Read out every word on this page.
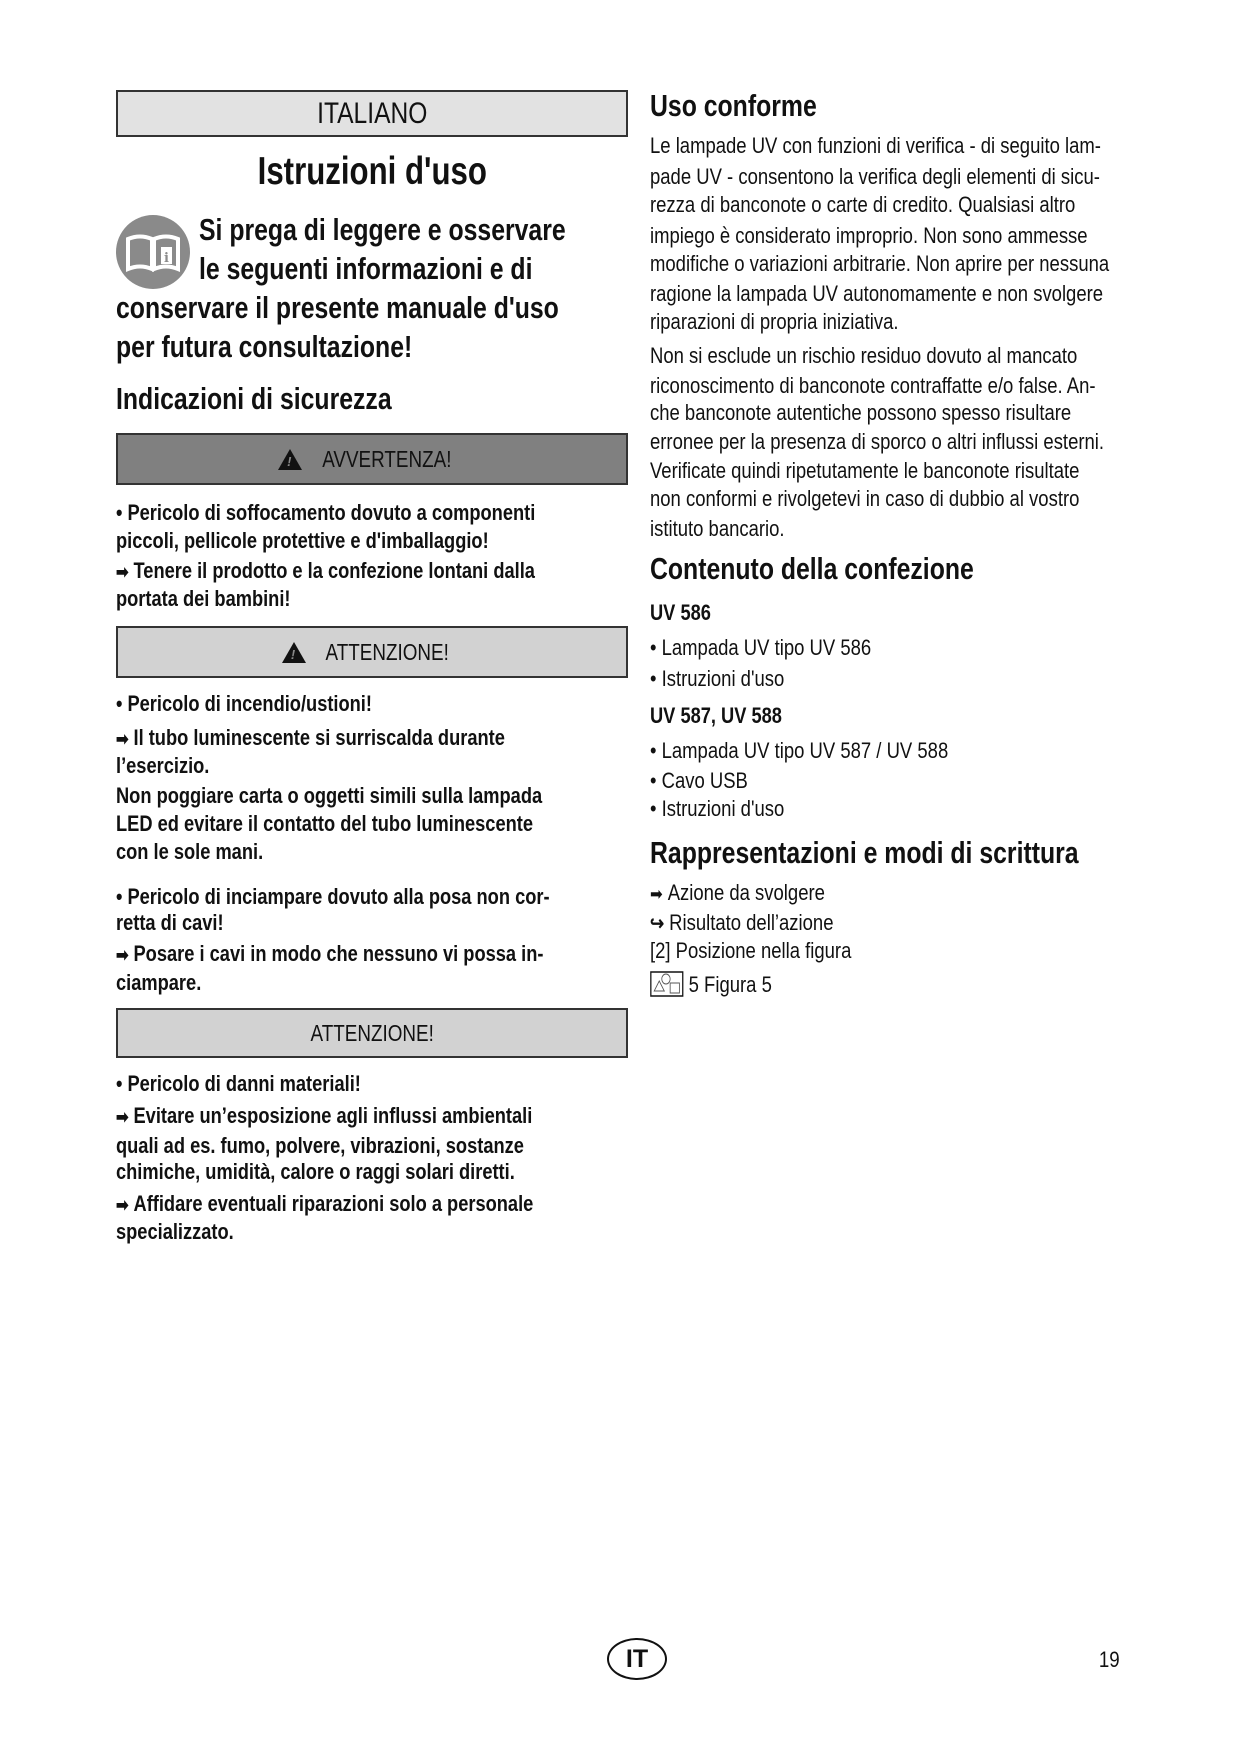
ITALIANO
Istruzioni d'uso
i
Si prega di leggere e osservare
le seguenti informazioni e di
conservare il presente manuale d'uso
per futura consultazione!
Indicazioni di sicurezza
!
AVVERTENZA!
• Pericolo di soffocamento dovuto a componenti
piccoli, pellicole protettive e d'imballaggio!
➡ Tenere il prodotto e la confezione lontani dalla
portata dei bambini!
!
ATTENZIONE!
• Pericolo di incendio/ustioni!
➡ Il tubo luminescente si surriscalda durante
l’esercizio.
Non poggiare carta o oggetti simili sulla lampada
LED ed evitare il contatto del tubo luminescente
con le sole mani.
• Pericolo di inciampare dovuto alla posa non cor-
retta di cavi!
➡ Posare i cavi in modo che nessuno vi possa in-
ciampare.
ATTENZIONE!
• Pericolo di danni materiali!
➡ Evitare un’esposizione agli influssi ambientali
quali ad es. fumo, polvere, vibrazioni, sostanze
chimiche, umidità, calore o raggi solari diretti.
➡ Affidare eventuali riparazioni solo a personale
specializzato.
Uso conforme
Le lampade UV con funzioni di verifica - di seguito lam-
pade UV - consentono la verifica degli elementi di sicu-
rezza di banconote o carte di credito. Qualsiasi altro
impiego è considerato improprio. Non sono ammesse
modifiche o variazioni arbitrarie. Non aprire per nessuna
ragione la lampada UV autonomamente e non svolgere
riparazioni di propria iniziativa.
Non si esclude un rischio residuo dovuto al mancato
riconoscimento di banconote contraffatte e/o false. An-
che banconote autentiche possono spesso risultare
erronee per la presenza di sporco o altri influssi esterni.
Verificate quindi ripetutamente le banconote risultate
non conformi e rivolgetevi in caso di dubbio al vostro
istituto bancario.
Contenuto della confezione
UV 586
• Lampada UV tipo UV 586
• Istruzioni d'uso
UV 587, UV 588
• Lampada UV tipo UV 587 / UV 588
• Cavo USB
• Istruzioni d'uso
Rappresentazioni e modi di scrittura
➡ Azione da svolgere
↪ Risultato dell’azione
[2] Posizione nella figura
5 Figura 5
IT	19
